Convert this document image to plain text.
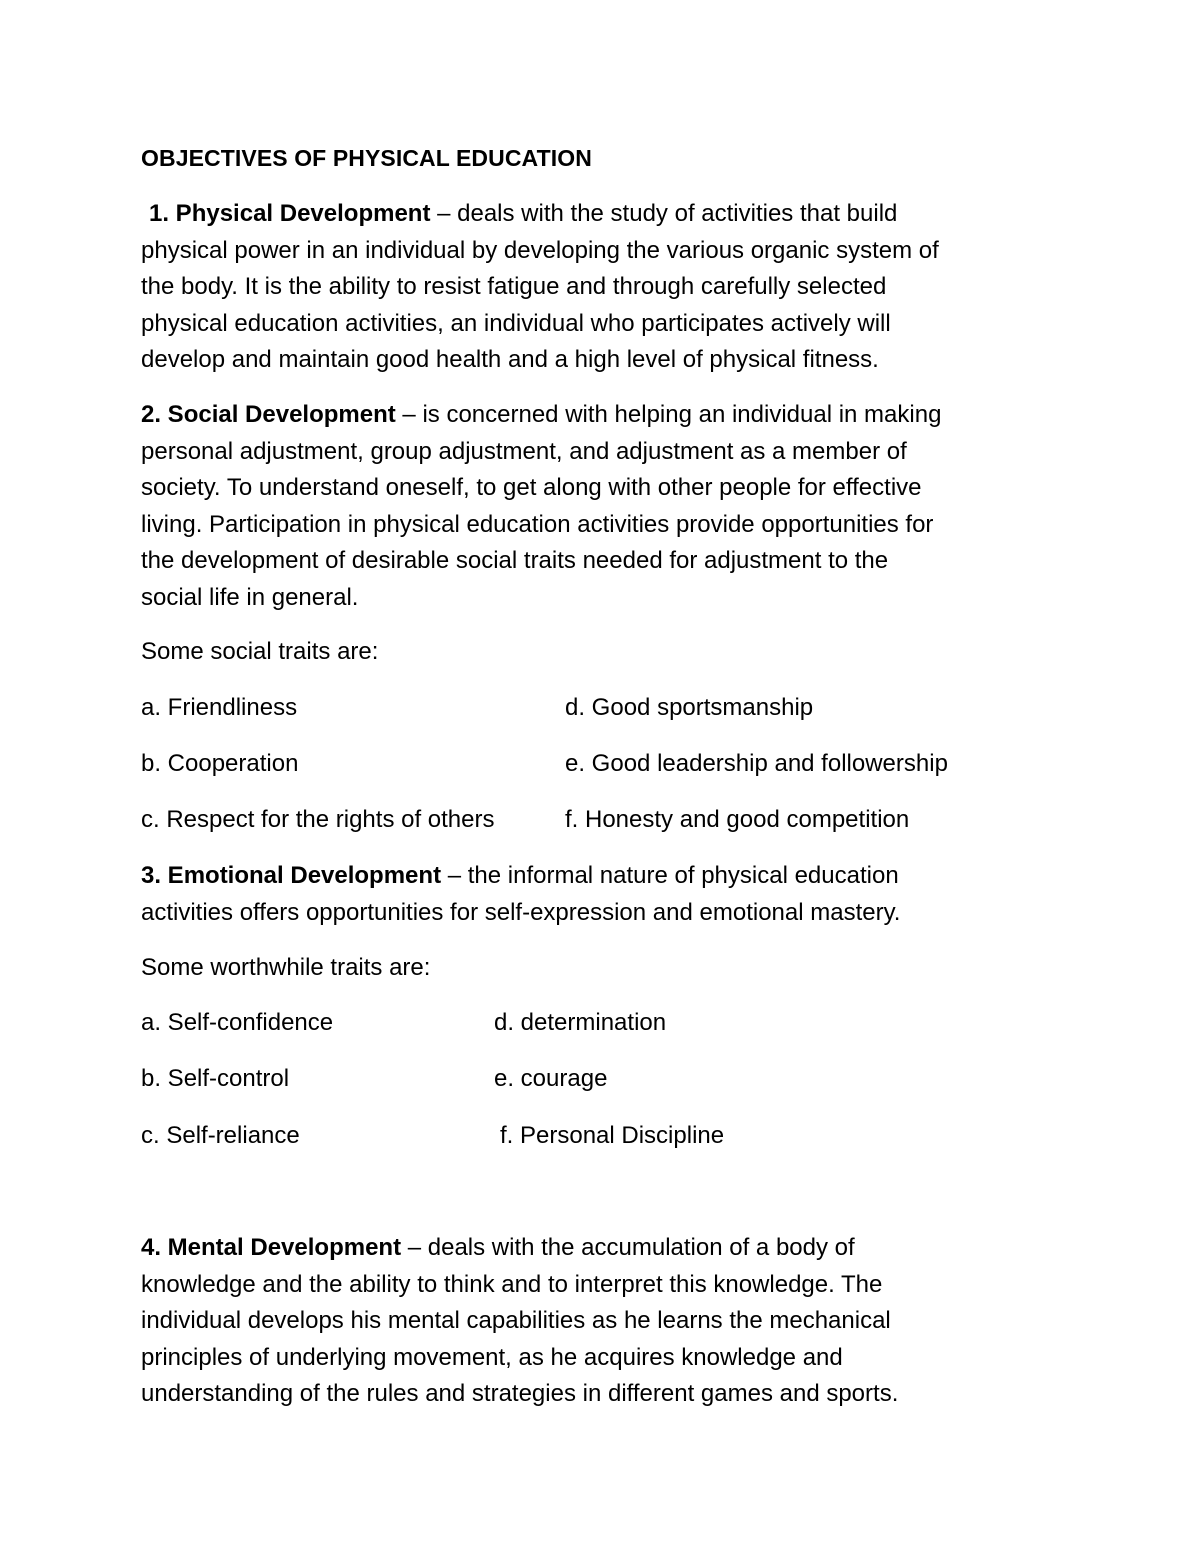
OBJECTIVES OF PHYSICAL EDUCATION

1. Physical Development – deals with the study of activities that build

physical power in an individual by developing the various organic system of

the body. It is the ability to resist fatigue and through carefully selected

physical education activities, an individual who participates actively will

develop and maintain good health and a high level of physical fitness.

2. Social Development – is concerned with helping an individual in making

personal adjustment, group adjustment, and adjustment as a member of

society. To understand oneself, to get along with other people for effective

living. Participation in physical education activities provide opportunities for

the development of desirable social traits needed for adjustment to the

social life in general.

Some social traits are:
a. Friendliness
b. Cooperation
c. Respect for the rights of others
d. Good sportsmanship
e. Good leadership and followership
f. Honesty and good competition

3. Emotional Development – the informal nature of physical education

activities offers opportunities for self-expression and emotional mastery.

Some worthwhile traits are:
a. Self-confidence
b. Self-control
c. Self-reliance
d. determination
e. courage
f. Personal Discipline

4. Mental Development – deals with the accumulation of a body of

knowledge and the ability to think and to interpret this knowledge. The

individual develops his mental capabilities as he learns the mechanical

principles of underlying movement, as he acquires knowledge and

understanding of the rules and strategies in different games and sports.
